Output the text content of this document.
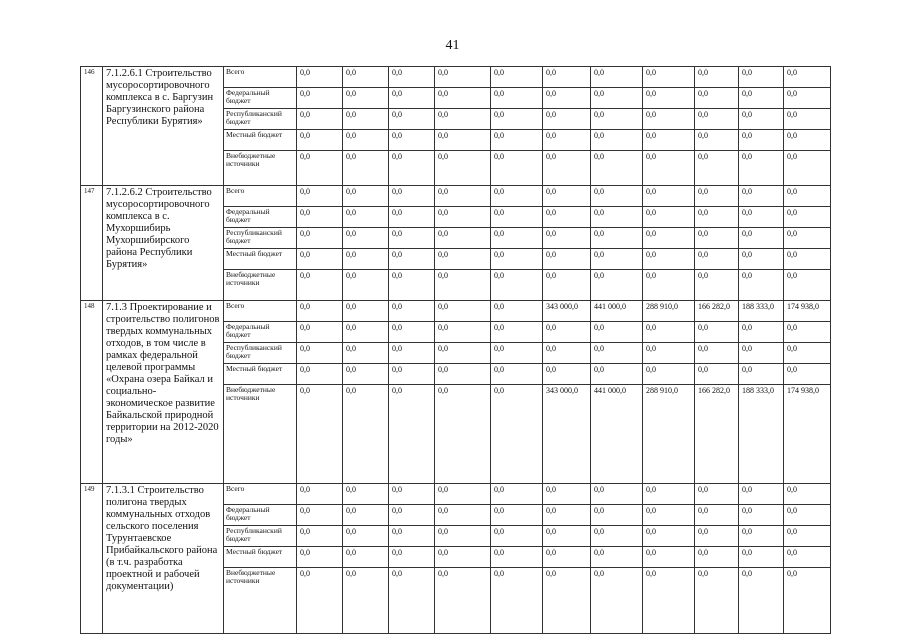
41
146	7.1.2.6.1 Строительство мусоросортировочного комплекса в с. Баргузин Баргузинского района Республики Бурятия»	Всего	0,0	0,0	0,0	0,0	0,0	0,0	0,0	0,0	0,0	0,0	0,0
		Федеральный бюджет	0,0	0,0	0,0	0,0	0,0	0,0	0,0	0,0	0,0	0,0	0,0
		Республиканский бюджет	0,0	0,0	0,0	0,0	0,0	0,0	0,0	0,0	0,0	0,0	0,0
		Местный бюджет	0,0	0,0	0,0	0,0	0,0	0,0	0,0	0,0	0,0	0,0	0,0
		Внебюджетные источники	0,0	0,0	0,0	0,0	0,0	0,0	0,0	0,0	0,0	0,0	0,0
147	7.1.2.6.2 Строительство мусоросортировочного комплекса в с. Мухоршибирь Мухоршибирского района Республики Бурятия»	Всего	0,0	0,0	0,0	0,0	0,0	0,0	0,0	0,0	0,0	0,0	0,0
		Федеральный бюджет	0,0	0,0	0,0	0,0	0,0	0,0	0,0	0,0	0,0	0,0	0,0
		Республиканский бюджет	0,0	0,0	0,0	0,0	0,0	0,0	0,0	0,0	0,0	0,0	0,0
		Местный бюджет	0,0	0,0	0,0	0,0	0,0	0,0	0,0	0,0	0,0	0,0	0,0
		Внебюджетные источники	0,0	0,0	0,0	0,0	0,0	0,0	0,0	0,0	0,0	0,0	0,0
148	7.1.3 Проектирование и строительство полигонов твердых коммунальных отходов, в том числе в рамках федеральной целевой программы «Охрана озера Байкал и социально-экономическое развитие Байкальской природной территории на 2012-2020 годы»	Всего	0,0	0,0	0,0	0,0	0,0	343 000,0	441 000,0	288 910,0	166 282,0	188 333,0	174 938,0
		Федеральный бюджет	0,0	0,0	0,0	0,0	0,0	0,0	0,0	0,0	0,0	0,0	0,0
		Республиканский бюджет	0,0	0,0	0,0	0,0	0,0	0,0	0,0	0,0	0,0	0,0	0,0
		Местный бюджет	0,0	0,0	0,0	0,0	0,0	0,0	0,0	0,0	0,0	0,0	0,0
		Внебюджетные источники	0,0	0,0	0,0	0,0	0,0	343 000,0	441 000,0	288 910,0	166 282,0	188 333,0	174 938,0
149	7.1.3.1 Строительство полигона твердых коммунальных отходов сельского поселения Турунтаевское Прибайкальского района (в т.ч. разработка проектной и рабочей документации)	Всего	0,0	0,0	0,0	0,0	0,0	0,0	0,0	0,0	0,0	0,0	0,0
		Федеральный бюджет	0,0	0,0	0,0	0,0	0,0	0,0	0,0	0,0	0,0	0,0	0,0
		Республиканский бюджет	0,0	0,0	0,0	0,0	0,0	0,0	0,0	0,0	0,0	0,0	0,0
		Местный бюджет	0,0	0,0	0,0	0,0	0,0	0,0	0,0	0,0	0,0	0,0	0,0
		Внебюджетные источники	0,0	0,0	0,0	0,0	0,0	0,0	0,0	0,0	0,0	0,0	0,0
